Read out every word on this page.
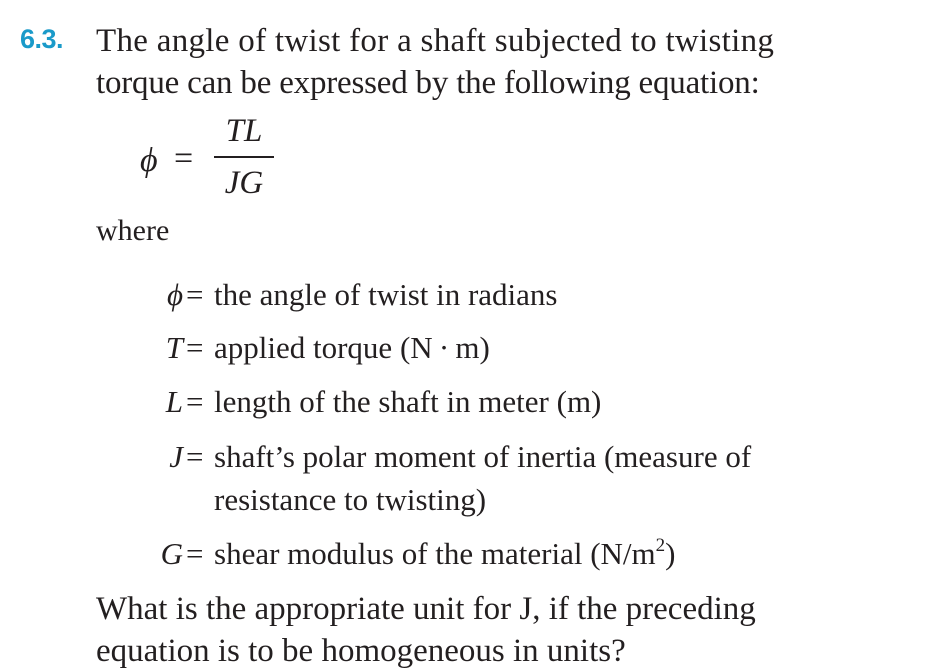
6.3. The angle of twist for a shaft subjected to twisting
torque can be expressed by the following equation:
ϕ =
TL
JG
where
ϕ = the angle of twist in radians
T = applied torque (N · m)
L = length of the shaft in meter (m)
J = shaft’s polar moment of inertia (measure of
resistance to twisting)
G = shear modulus of the material $(N/m^2)$
What is the appropriate unit for J, if the preceding
equation is to be homogeneous in units?
